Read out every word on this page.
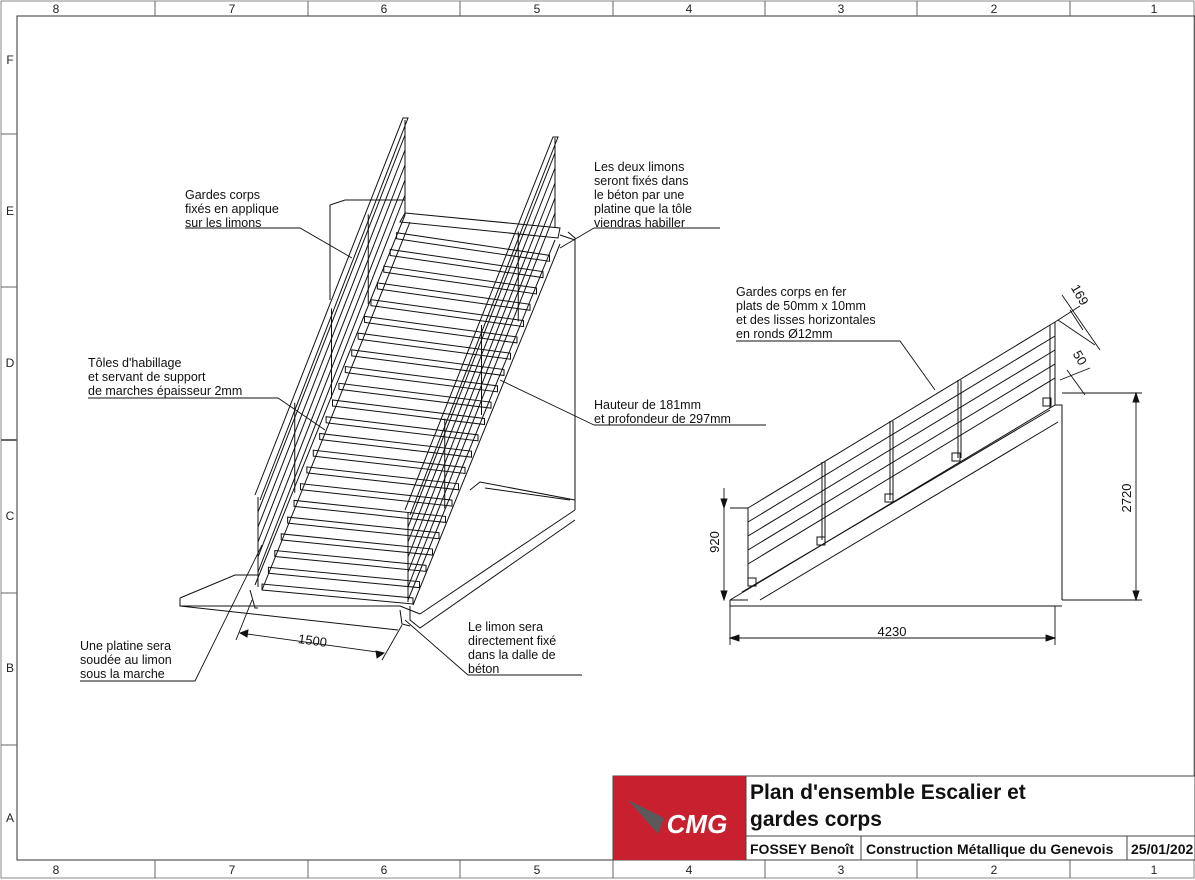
8	7	6	5	4	3	2	1
8	7	6	5	4	3	2	1
F
E
D
C
B
A
1500
Gardes corps fixés en applique sur les limons
Les deux limons seront fixés dans le béton par une platine que la tôle viendras habiller
Tôles d'habillage et servant de support de marches épaisseur 2mm
Hauteur de 181mm et profondeur de 297mm
Une platine sera soudée au limon sous la marche
Le limon sera directement fixé dans la dalle de béton
4230
2720
920
169
50
Gardes corps en fer plats de 50mm x 10mm et des lisses horizontales en ronds Ø12mm
CMG
Plan d'ensemble Escalier et
gardes corps
FOSSEY Benoît Construction Métallique du Genevois 25/01/202
